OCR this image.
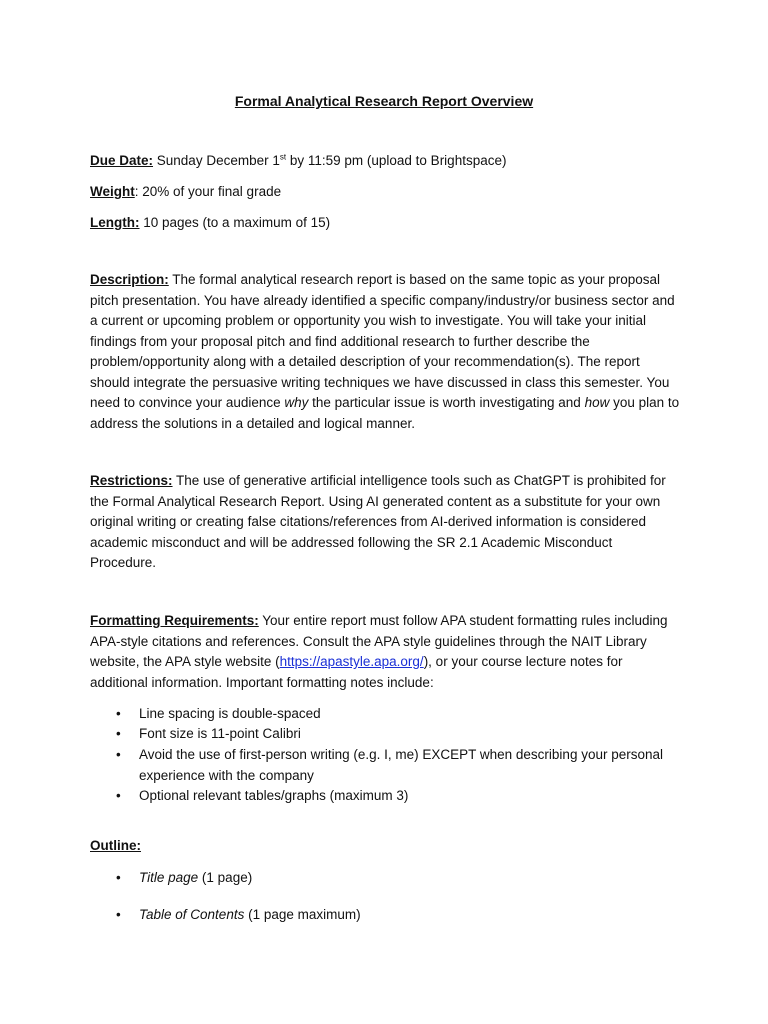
Formal Analytical Research Report Overview
Due Date: Sunday December 1st by 11:59 pm (upload to Brightspace)
Weight: 20% of your final grade
Length: 10 pages (to a maximum of 15)
Description: The formal analytical research report is based on the same topic as your proposal pitch presentation. You have already identified a specific company/industry/or business sector and a current or upcoming problem or opportunity you wish to investigate. You will take your initial findings from your proposal pitch and find additional research to further describe the problem/opportunity along with a detailed description of your recommendation(s). The report should integrate the persuasive writing techniques we have discussed in class this semester. You need to convince your audience why the particular issue is worth investigating and how you plan to address the solutions in a detailed and logical manner.
Restrictions: The use of generative artificial intelligence tools such as ChatGPT is prohibited for the Formal Analytical Research Report. Using AI generated content as a substitute for your own original writing or creating false citations/references from AI-derived information is considered academic misconduct and will be addressed following the SR 2.1 Academic Misconduct Procedure.
Formatting Requirements: Your entire report must follow APA student formatting rules including APA-style citations and references. Consult the APA style guidelines through the NAIT Library website, the APA style website (https://apastyle.apa.org/), or your course lecture notes for additional information. Important formatting notes include:
• Line spacing is double-spaced
• Font size is 11-point Calibri
• Avoid the use of first-person writing (e.g. I, me) EXCEPT when describing your personal experience with the company
• Optional relevant tables/graphs (maximum 3)
Outline:
• Title page (1 page)
• Table of Contents (1 page maximum)
